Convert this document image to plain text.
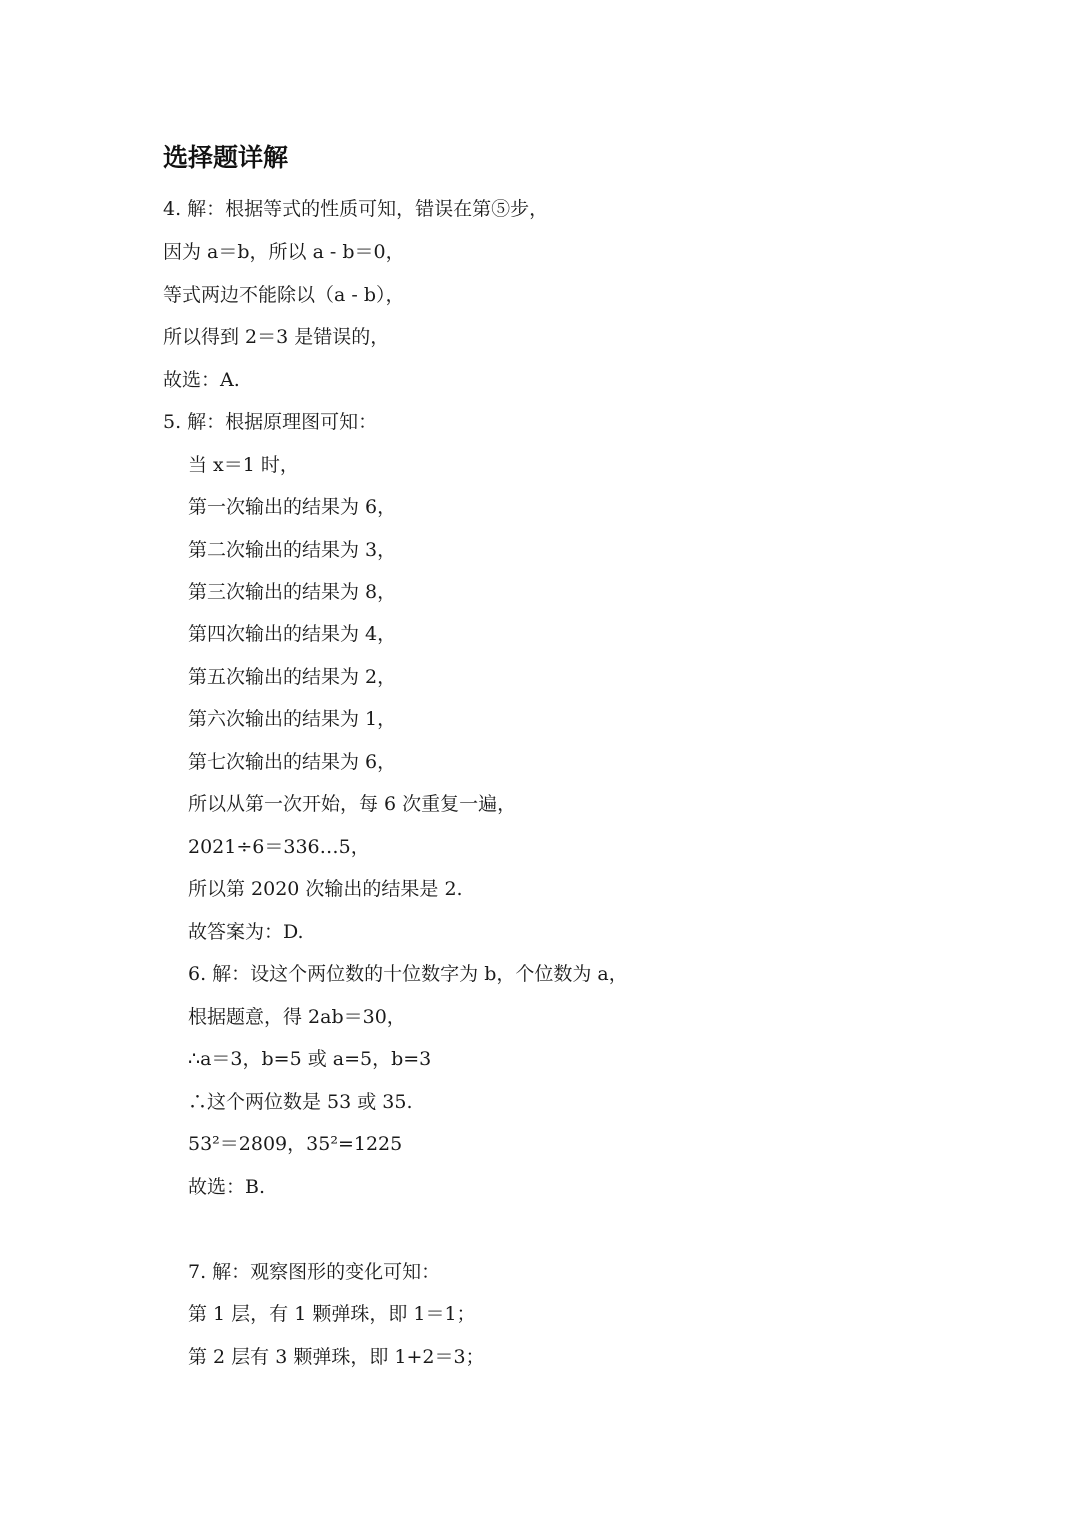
选择题详解
4. 解：根据等式的性质可知，错误在第⑤步，
因为 a＝b，所以 a - b＝0，
等式两边不能除以（a - b），
所以得到 2＝3 是错误的，
故选：A.
5. 解：根据原理图可知：
当 x＝1 时，
第一次输出的结果为 6，
第二次输出的结果为 3，
第三次输出的结果为 8，
第四次输出的结果为 4，
第五次输出的结果为 2，
第六次输出的结果为 1，
第七次输出的结果为 6，
所以从第一次开始，每 6 次重复一遍，
2021÷6＝336…5，
所以第 2020 次输出的结果是 2.
故答案为：D.
6. 解：设这个两位数的十位数字为 b，个位数为 a，
根据题意，得 2ab＝30，
∴a＝3，b=5 或 a=5，b=3
∴这个两位数是 53 或 35.
53²＝2809，35²=1225
故选：B.
7. 解：观察图形的变化可知：
第 1 层，有 1 颗弹珠，即 1＝1；
第 2 层有 3 颗弹珠，即 1+2＝3；
